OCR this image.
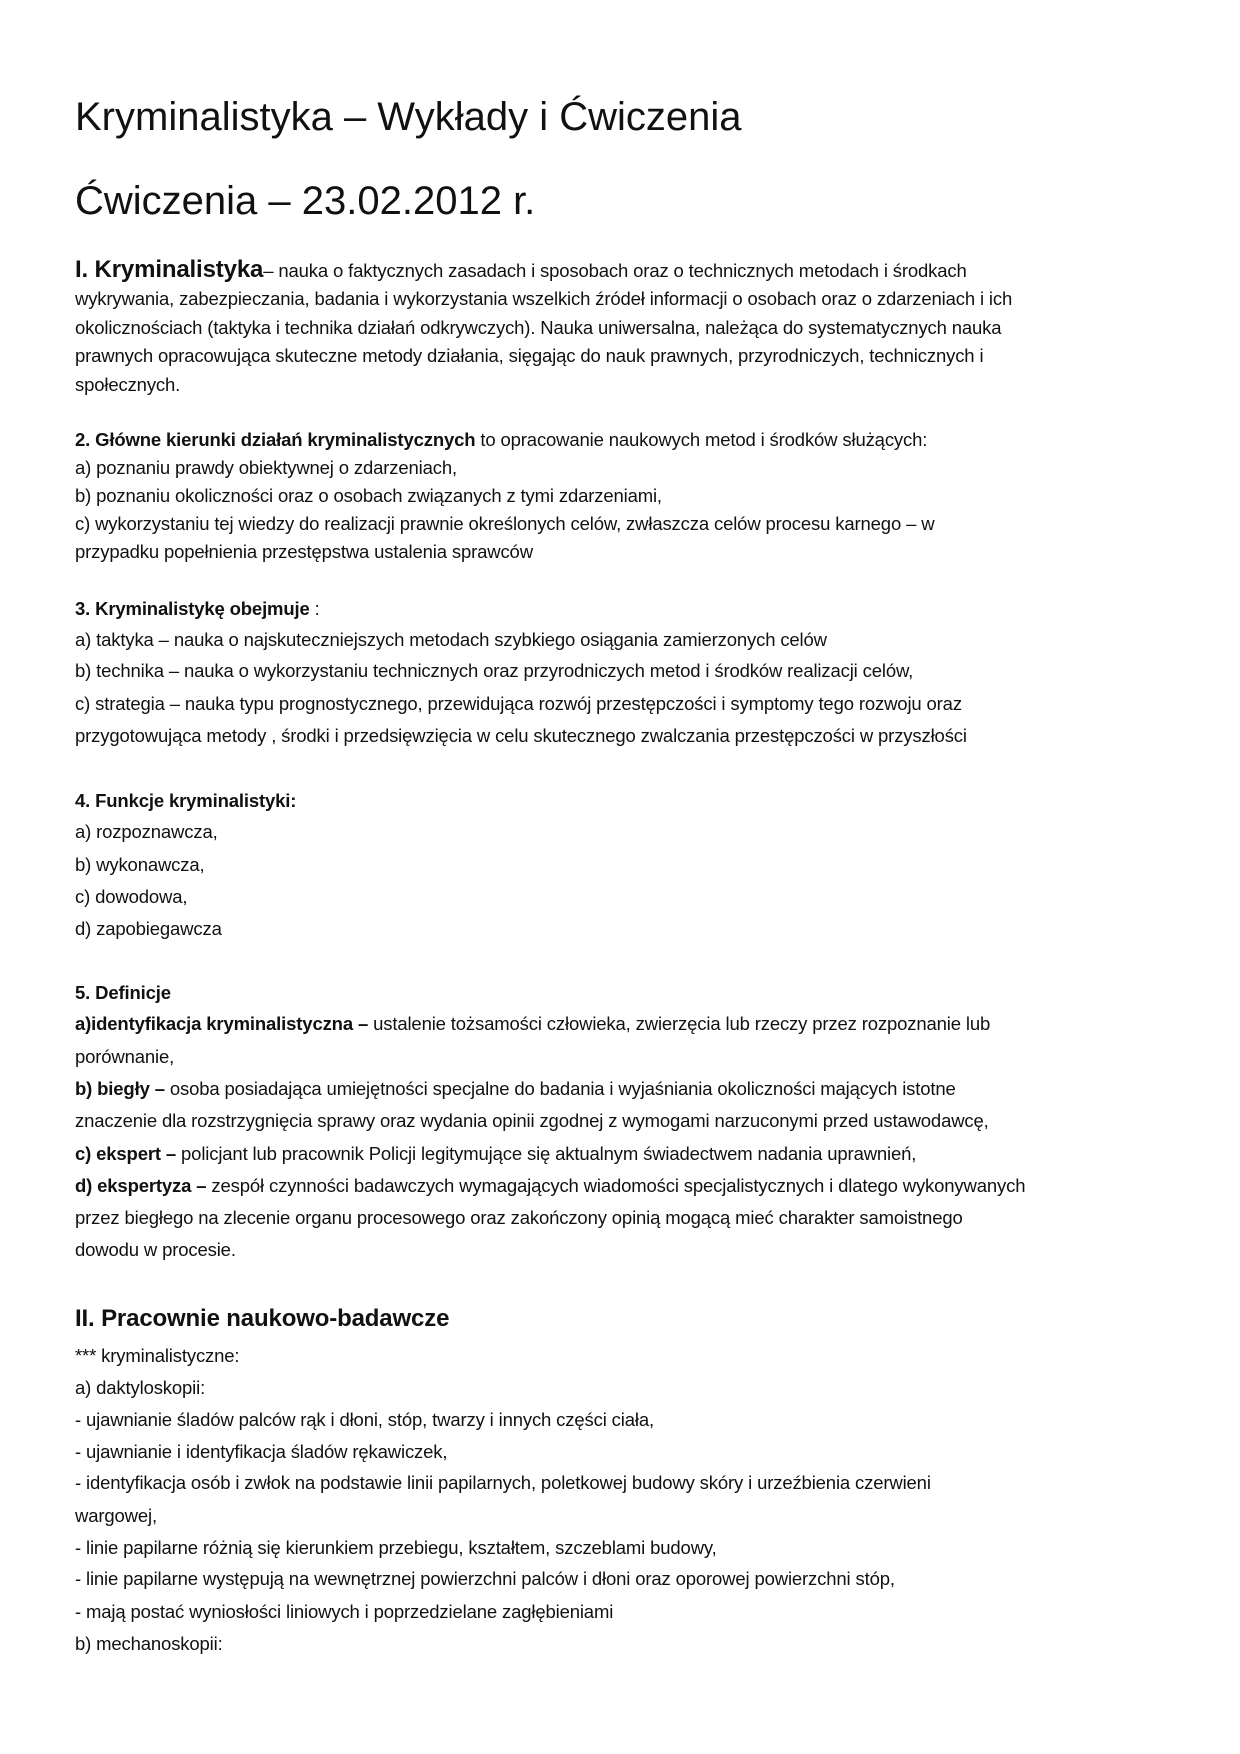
Kryminalistyka – Wykłady i Ćwiczenia
Ćwiczenia – 23.02.2012 r.
I. Kryminalistyka– nauka o faktycznych zasadach i sposobach oraz o technicznych metodach i środkach
wykrywania, zabezpieczania, badania i wykorzystania wszelkich źródeł informacji o osobach oraz o zdarzeniach i ich
okolicznościach (taktyka i technika działań odkrywczych). Nauka uniwersalna, należąca do systematycznych nauka
prawnych opracowująca skuteczne metody działania, sięgając do nauk prawnych, przyrodniczych, technicznych i
społecznych.
2. Główne kierunki działań kryminalistycznych to opracowanie naukowych metod i środków służących:
a) poznaniu prawdy obiektywnej o zdarzeniach,
b) poznaniu okoliczności oraz o osobach związanych z tymi zdarzeniami,
c) wykorzystaniu tej wiedzy do realizacji prawnie określonych celów, zwłaszcza celów procesu karnego – w
przypadku popełnienia przestępstwa ustalenia sprawców
3. Kryminalistykę obejmuje :
a) taktyka – nauka o najskuteczniejszych metodach szybkiego osiągania zamierzonych celów
b) technika – nauka o wykorzystaniu technicznych oraz przyrodniczych metod i środków realizacji celów,
c) strategia – nauka typu prognostycznego, przewidująca rozwój przestępczości i symptomy tego rozwoju oraz
przygotowująca metody , środki i przedsięwzięcia w celu skutecznego zwalczania przestępczości w przyszłości
4. Funkcje kryminalistyki:
a) rozpoznawcza,
b) wykonawcza,
c) dowodowa,
d) zapobiegawcza
5. Definicje
a)identyfikacja kryminalistyczna – ustalenie tożsamości człowieka, zwierzęcia lub rzeczy przez rozpoznanie lub
porównanie,
b) biegły – osoba posiadająca umiejętności specjalne do badania i wyjaśniania okoliczności mających istotne
znaczenie dla rozstrzygnięcia sprawy oraz wydania opinii zgodnej z wymogami narzuconymi przed ustawodawcę,
c) ekspert – policjant lub pracownik Policji legitymujące się aktualnym świadectwem nadania uprawnień,
d) ekspertyza – zespół czynności badawczych wymagających wiadomości specjalistycznych i dlatego wykonywanych
przez biegłego na zlecenie organu procesowego oraz zakończony opinią mogącą mieć charakter samoistnego
dowodu w procesie.
II. Pracownie naukowo-badawcze
*** kryminalistyczne:
a) daktyloskopii:
- ujawnianie śladów palców rąk i dłoni, stóp, twarzy i innych części ciała,
- ujawnianie i identyfikacja śladów rękawiczek,
- identyfikacja osób i zwłok na podstawie linii papilarnych, poletkowej budowy skóry i urzeźbienia czerwieni
wargowej,
- linie papilarne różnią się kierunkiem przebiegu, kształtem, szczeblami budowy,
- linie papilarne występują na wewnętrznej powierzchni palców i dłoni oraz oporowej powierzchni stóp,
- mają postać wyniosłości liniowych i poprzedzielane zagłębieniami
b) mechanoskopii:
